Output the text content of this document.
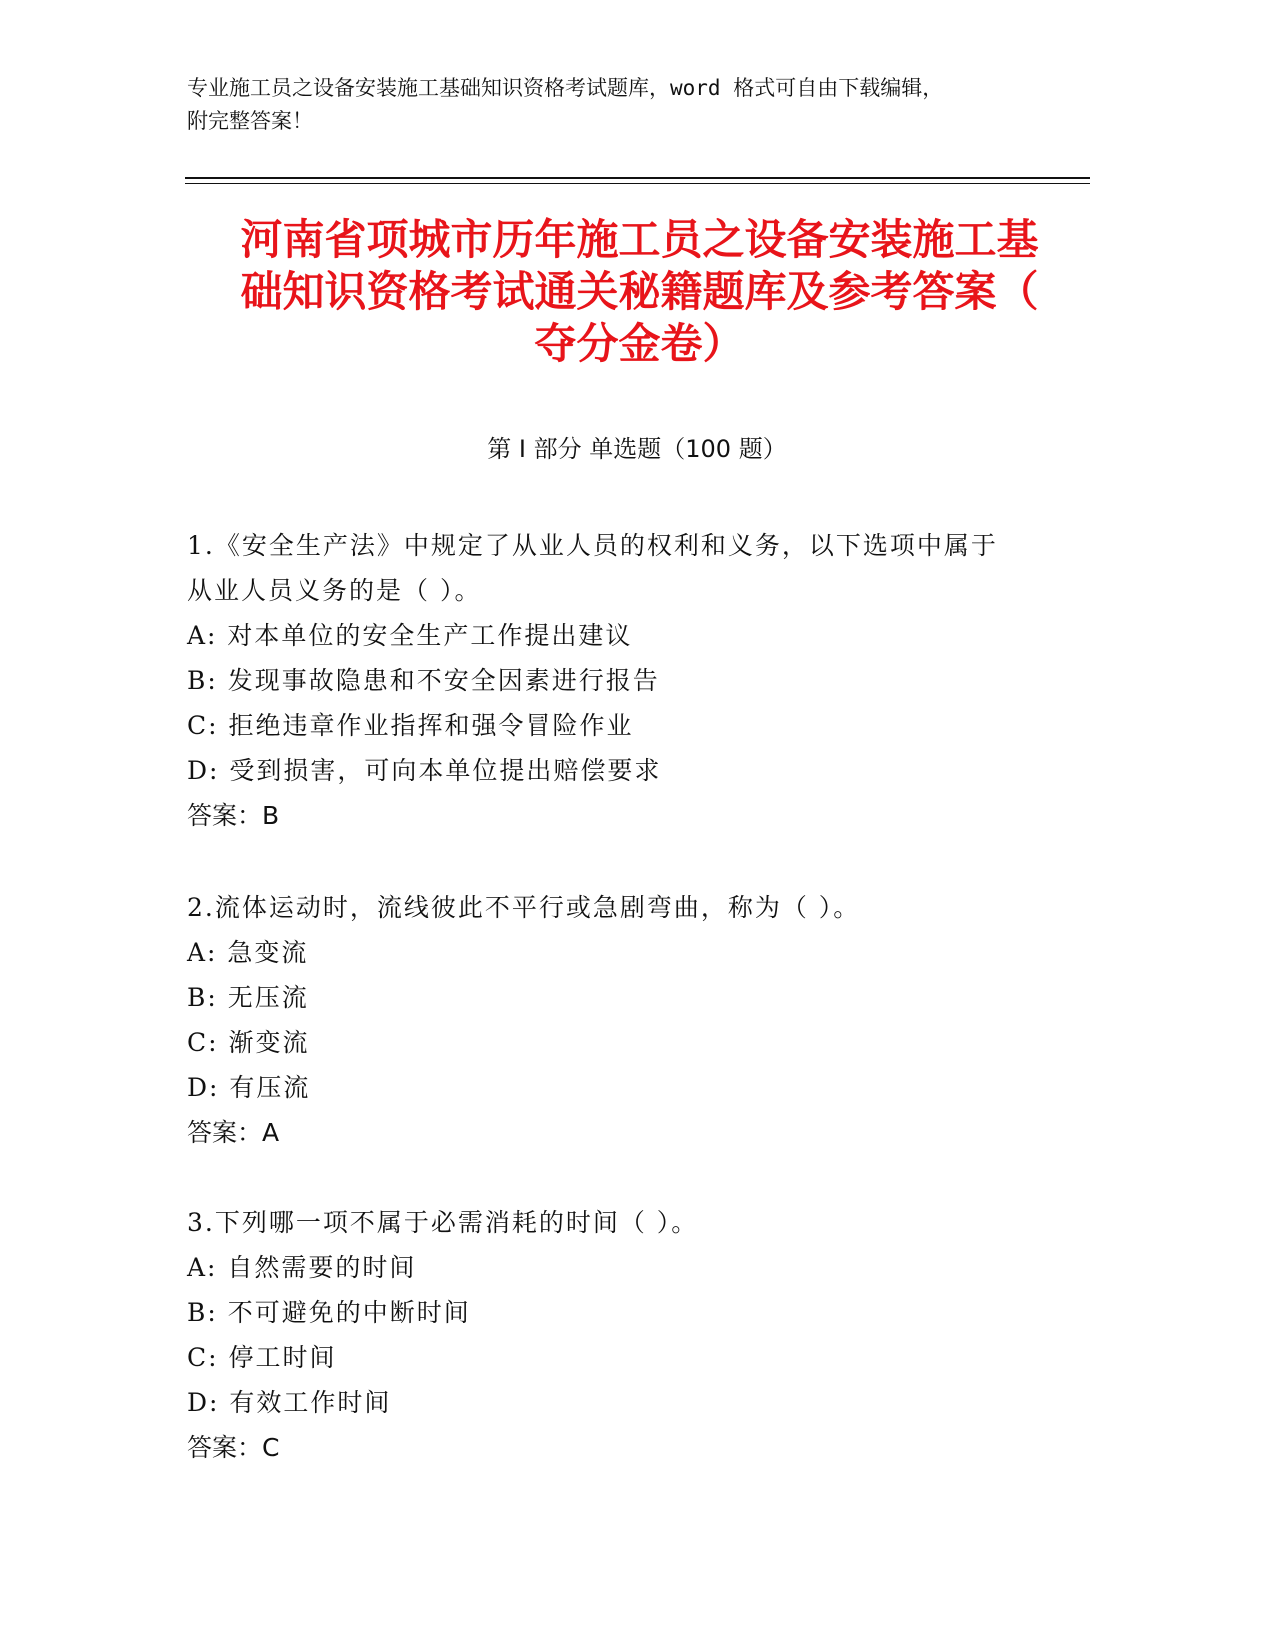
专业施工员之设备安装施工基础知识资格考试题库，word 格式可自由下载编辑，
附完整答案！
河南省项城市历年施工员之设备安装施工基
础知识资格考试通关秘籍题库及参考答案（
夺分金卷）
第 I 部分 单选题（100 题）
1.《安全生产法》中规定了从业人员的权利和义务，以下选项中属于
从业人员义务的是（ ）。
A: 对本单位的安全生产工作提出建议
B: 发现事故隐患和不安全因素进行报告
C: 拒绝违章作业指挥和强令冒险作业
D: 受到损害，可向本单位提出赔偿要求
答案：B
2.流体运动时，流线彼此不平行或急剧弯曲，称为（ ）。
A: 急变流
B: 无压流
C: 渐变流
D: 有压流
答案：A
3.下列哪一项不属于必需消耗的时间（ ）。
A: 自然需要的时间
B: 不可避免的中断时间
C: 停工时间
D: 有效工作时间
答案：C
